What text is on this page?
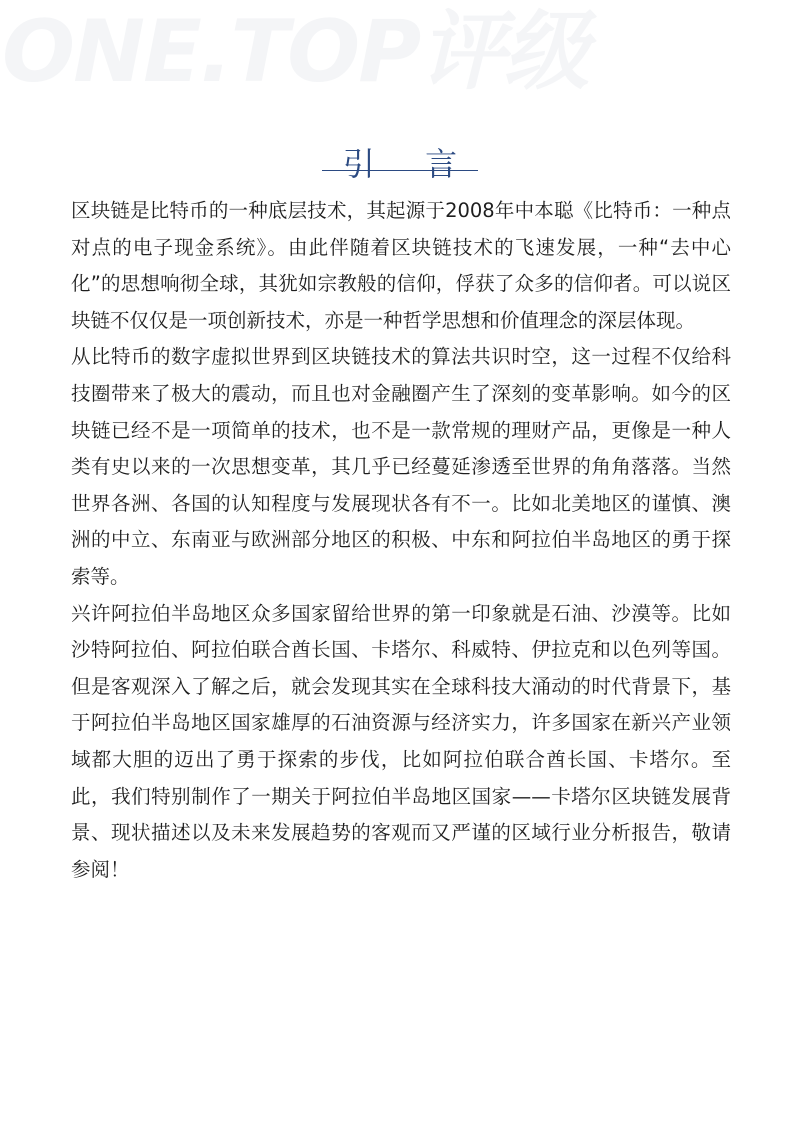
ONE.TOP评级
引 言

区块链是比特币的一种底层技术，其起源于2008年中本聪《比特币：一种点对点的电子现金系统》。由此伴随着区块链技术的飞速发展，一种“去中心化”的思想响彻全球，其犹如宗教般的信仰，俘获了众多的信仰者。可以说区块链不仅仅是一项创新技术，亦是一种哲学思想和价值理念的深层体现。

从比特币的数字虚拟世界到区块链技术的算法共识时空，这一过程不仅给科技圈带来了极大的震动，而且也对金融圈产生了深刻的变革影响。如今的区块链已经不是一项简单的技术，也不是一款常规的理财产品，更像是一种人类有史以来的一次思想变革，其几乎已经蔓延渗透至世界的角角落落。当然世界各洲、各国的认知程度与发展现状各有不一。比如北美地区的谨慎、澳洲的中立、东南亚与欧洲部分地区的积极、中东和阿拉伯半岛地区的勇于探索等。

兴许阿拉伯半岛地区众多国家留给世界的第一印象就是石油、沙漠等。比如沙特阿拉伯、阿拉伯联合酋长国、卡塔尔、科威特、伊拉克和以色列等国。但是客观深入了解之后，就会发现其实在全球科技大涌动的时代背景下，基于阿拉伯半岛地区国家雄厚的石油资源与经济实力，许多国家在新兴产业领域都大胆的迈出了勇于探索的步伐，比如阿拉伯联合酋长国、卡塔尔。至此，我们特别制作了一期关于阿拉伯半岛地区国家——卡塔尔区块链发展背景、现状描述以及未来发展趋势的客观而又严谨的区域行业分析报告，敬请参阅！
